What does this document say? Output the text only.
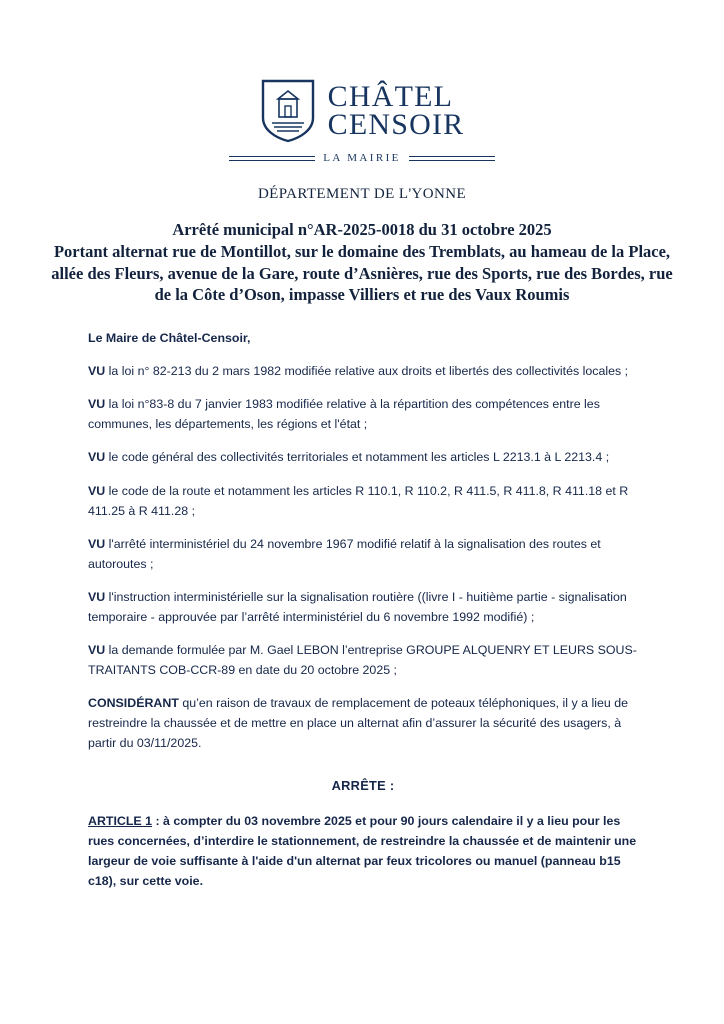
CHÂTEL
CENSOIR
LA MAIRIE
DÉPARTEMENT DE L'YONNE
Arrêté municipal n°AR-2025-0018 du 31 octobre 2025
Portant alternat rue de Montillot, sur le domaine des Tremblats, au hameau de la Place, allée des Fleurs, avenue de la Gare, route d’Asnières, rue des Sports, rue des Bordes, rue de la Côte d’Oson, impasse Villiers et rue des Vaux Roumis

Le Maire de Châtel-Censoir,

VU la loi n° 82-213 du 2 mars 1982 modifiée relative aux droits et libertés des collectivités locales ;

VU la loi n°83-8 du 7 janvier 1983 modifiée relative à la répartition des compétences entre les communes, les départements, les régions et l'état ;

VU le code général des collectivités territoriales et notamment les articles L 2213.1 à L 2213.4 ;

VU le code de la route et notamment les articles R 110.1, R 110.2, R 411.5, R 411.8, R 411.18 et R 411.25 à R 411.28 ;

VU l'arrêté interministériel du 24 novembre 1967 modifié relatif à la signalisation des routes et autoroutes ;

VU l'instruction interministérielle sur la signalisation routière ((livre I - huitième partie - signalisation temporaire - approuvée par l’arrêté interministériel du 6 novembre 1992 modifié) ;

VU la demande formulée par M. Gael LEBON l’entreprise GROUPE ALQUENRY ET LEURS SOUS-TRAITANTS COB-CCR-89 en date du 20 octobre 2025 ;

CONSIDÉRANT qu’en raison de travaux de remplacement de poteaux téléphoniques, il y a lieu de restreindre la chaussée et de mettre en place un alternat afin d’assurer la sécurité des usagers, à partir du 03/11/2025.

ARRÊTE :

ARTICLE 1 : à compter du 03 novembre 2025 et pour 90 jours calendaire il y a lieu pour les rues concernées, d’interdire le stationnement, de restreindre la chaussée et de maintenir une largeur de voie suffisante à l'aide d'un alternat par feux tricolores ou manuel (panneau b15 c18), sur cette voie.
